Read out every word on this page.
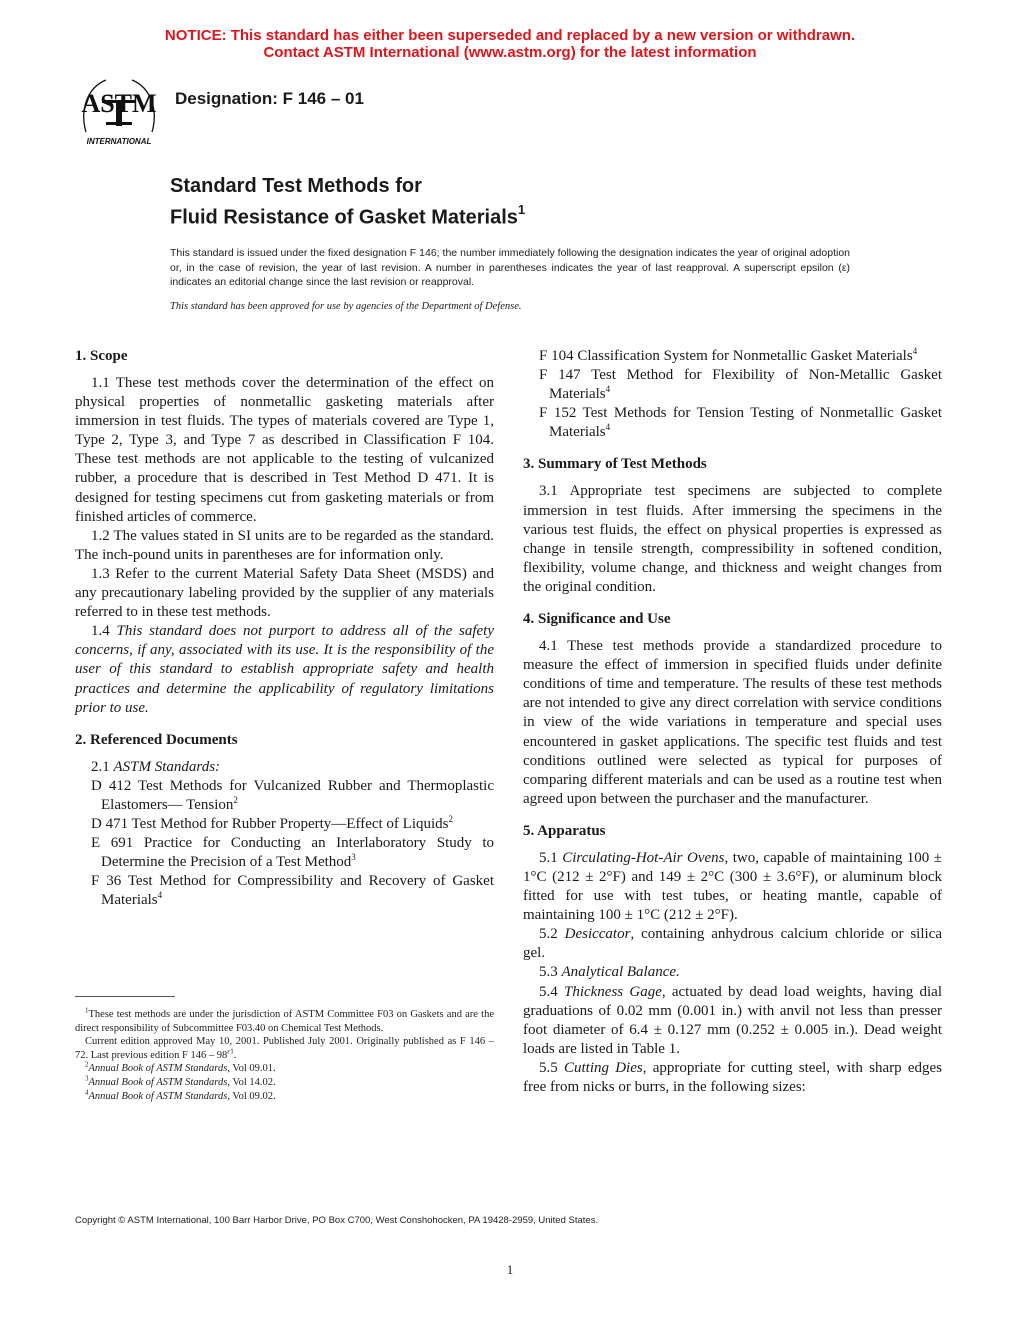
NOTICE: This standard has either been superseded and replaced by a new version or withdrawn.
Contact ASTM International (www.astm.org) for the latest information
ASTM
INTERNATIONAL
Designation: F 146 – 01
Standard Test Methods for
Fluid Resistance of Gasket Materials$^1$
This standard is issued under the fixed designation F 146; the number immediately following the designation indicates the year of original adoption or, in the case of revision, the year of last revision. A number in parentheses indicates the year of last reapproval. A superscript epsilon (ε) indicates an editorial change since the last revision or reapproval.
This standard has been approved for use by agencies of the Department of Defense.
1. Scope

1.1 These test methods cover the determination of the effect on physical properties of nonmetallic gasketing materials after immersion in test fluids. The types of materials covered are Type 1, Type 2, Type 3, and Type 7 as described in Classification F 104. These test methods are not applicable to the testing of vulcanized rubber, a procedure that is described in Test Method D 471. It is designed for testing specimens cut from gasketing materials or from finished articles of commerce.

1.2 The values stated in SI units are to be regarded as the standard. The inch-pound units in parentheses are for information only.

1.3 Refer to the current Material Safety Data Sheet (MSDS) and any precautionary labeling provided by the supplier of any materials referred to in these test methods.

1.4 This standard does not purport to address all of the safety concerns, if any, associated with its use. It is the responsibility of the user of this standard to establish appropriate safety and health practices and determine the applicability of regulatory limitations prior to use.

2. Referenced Documents
2.1 ASTM Standards:
D 412 Test Methods for Vulcanized Rubber and Thermoplastic Elastomers— Tension$^2$
D 471 Test Method for Rubber Property—Effect of Liquids$^2$
E 691 Practice for Conducting an Interlaboratory Study to Determine the Precision of a Test Method$^3$
F 36 Test Method for Compressibility and Recovery of Gasket Materials$^4$
F 104 Classification System for Nonmetallic Gasket Materials$^4$
F 147 Test Method for Flexibility of Non-Metallic Gasket Materials$^4$
F 152 Test Methods for Tension Testing of Nonmetallic Gasket Materials$^4$
3. Summary of Test Methods

3.1 Appropriate test specimens are subjected to complete immersion in test fluids. After immersing the specimens in the various test fluids, the effect on physical properties is expressed as change in tensile strength, compressibility in softened condition, flexibility, volume change, and thickness and weight changes from the original condition.

4. Significance and Use

4.1 These test methods provide a standardized procedure to measure the effect of immersion in specified fluids under definite conditions of time and temperature. The results of these test methods are not intended to give any direct correlation with service conditions in view of the wide variations in temperature and special uses encountered in gasket applications. The specific test fluids and test conditions outlined were selected as typical for purposes of comparing different materials and can be used as a routine test when agreed upon between the purchaser and the manufacturer.

5. Apparatus

5.1 Circulating-Hot-Air Ovens, two, capable of maintaining 100 ± 1°C (212 ± 2°F) and 149 ± 2°C (300 ± 3.6°F), or aluminum block fitted for use with test tubes, or heating mantle, capable of maintaining 100 ± 1°C (212 ± 2°F).

5.2 Desiccator, containing anhydrous calcium chloride or silica gel.

5.3 Analytical Balance.

5.4 Thickness Gage, actuated by dead load weights, having dial graduations of 0.02 mm (0.001 in.) with anvil not less than presser foot diameter of 6.4 ± 0.127 mm (0.252 ± 0.005 in.). Dead weight loads are listed in Table 1.

5.5 Cutting Dies, appropriate for cutting steel, with sharp edges free from nicks or burrs, in the following sizes:

$^1$These test methods are under the jurisdiction of ASTM Committee F03 on Gaskets and are the direct responsibility of Subcommittee F03.40 on Chemical Test Methods.

Current edition approved May 10, 2001. Published July 2001. Originally published as F 146 – 72. Last previous edition F $146 - 98^{\varepsilon 1}$.

$^2$Annual Book of ASTM Standards, Vol 09.01.

$^3$Annual Book of ASTM Standards, Vol 14.02.

$^4$Annual Book of ASTM Standards, Vol 09.02.

Copyright © ASTM International, 100 Barr Harbor Drive, PO Box C700, West Conshohocken, PA 19428-2959, United States.
1
